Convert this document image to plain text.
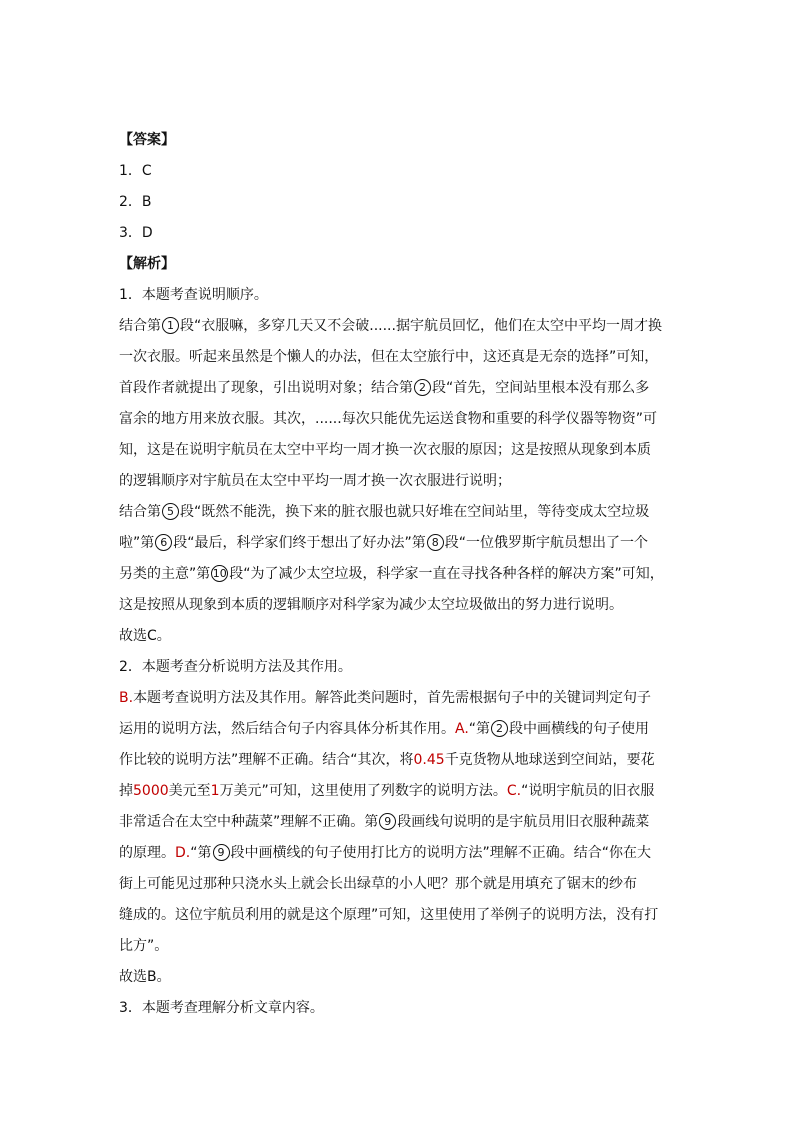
【答案】
1．C
2．B
3．D
【解析】
1．本题考查说明顺序。
结合第 1 段“衣服嘛，多穿几天又不会破......据宇航员回忆，他们在太空中平均一周才换
一次衣服。听起来虽然是个懒人的办法，但在太空旅行中，这还真是无奈的选择”可知，
首段作者就提出了现象，引出说明对象；结合第 2 段“首先，空间站里根本没有那么多
富余的地方用来放衣服。其次，......每次只能优先运送食物和重要的科学仪器等物资”可
知，这是在说明宇航员在太空中平均一周才换一次衣服的原因；这是按照从现象到本质
的逻辑顺序对宇航员在太空中平均一周才换一次衣服进行说明；
结合第 5 段“既然不能洗，换下来的脏衣服也就只好堆在空间站里，等待变成太空垃圾
啦”第 6 段“最后，科学家们终于想出了好办法”第 8 段“一位俄罗斯宇航员想出了一个
另类的主意”第 10 段“为了减少太空垃圾，科学家一直在寻找各种各样的解决方案”可知，
这是按照从现象到本质的逻辑顺序对科学家为减少太空垃圾做出的努力进行说明。
故选C。
2．本题考查分析说明方法及其作用。
B.本题考查说明方法及其作用。解答此类问题时，首先需根据句子中的关键词判定句子
运用的说明方法，然后结合句子内容具体分析其作用。A.“第 2 段中画横线的句子使用
作比较的说明方法”理解不正确。结合“其次，将0.45千克货物从地球送到空间站，要花
掉5000美元至1万美元”可知，这里使用了列数字的说明方法。C.“说明宇航员的旧衣服
非常适合在太空中种蔬菜”理解不正确。第 9 段画线句说明的是宇航员用旧衣服种蔬菜
的原理。D.“第 9 段中画横线的句子使用打比方的说明方法”理解不正确。结合“你在大
街上可能见过那种只浇水头上就会长出绿草的小人吧？那个就是用填充了锯末的纱布
缝成的。这位宇航员利用的就是这个原理”可知，这里使用了举例子的说明方法，没有打
比方”。
故选B。
3．本题考查理解分析文章内容。
